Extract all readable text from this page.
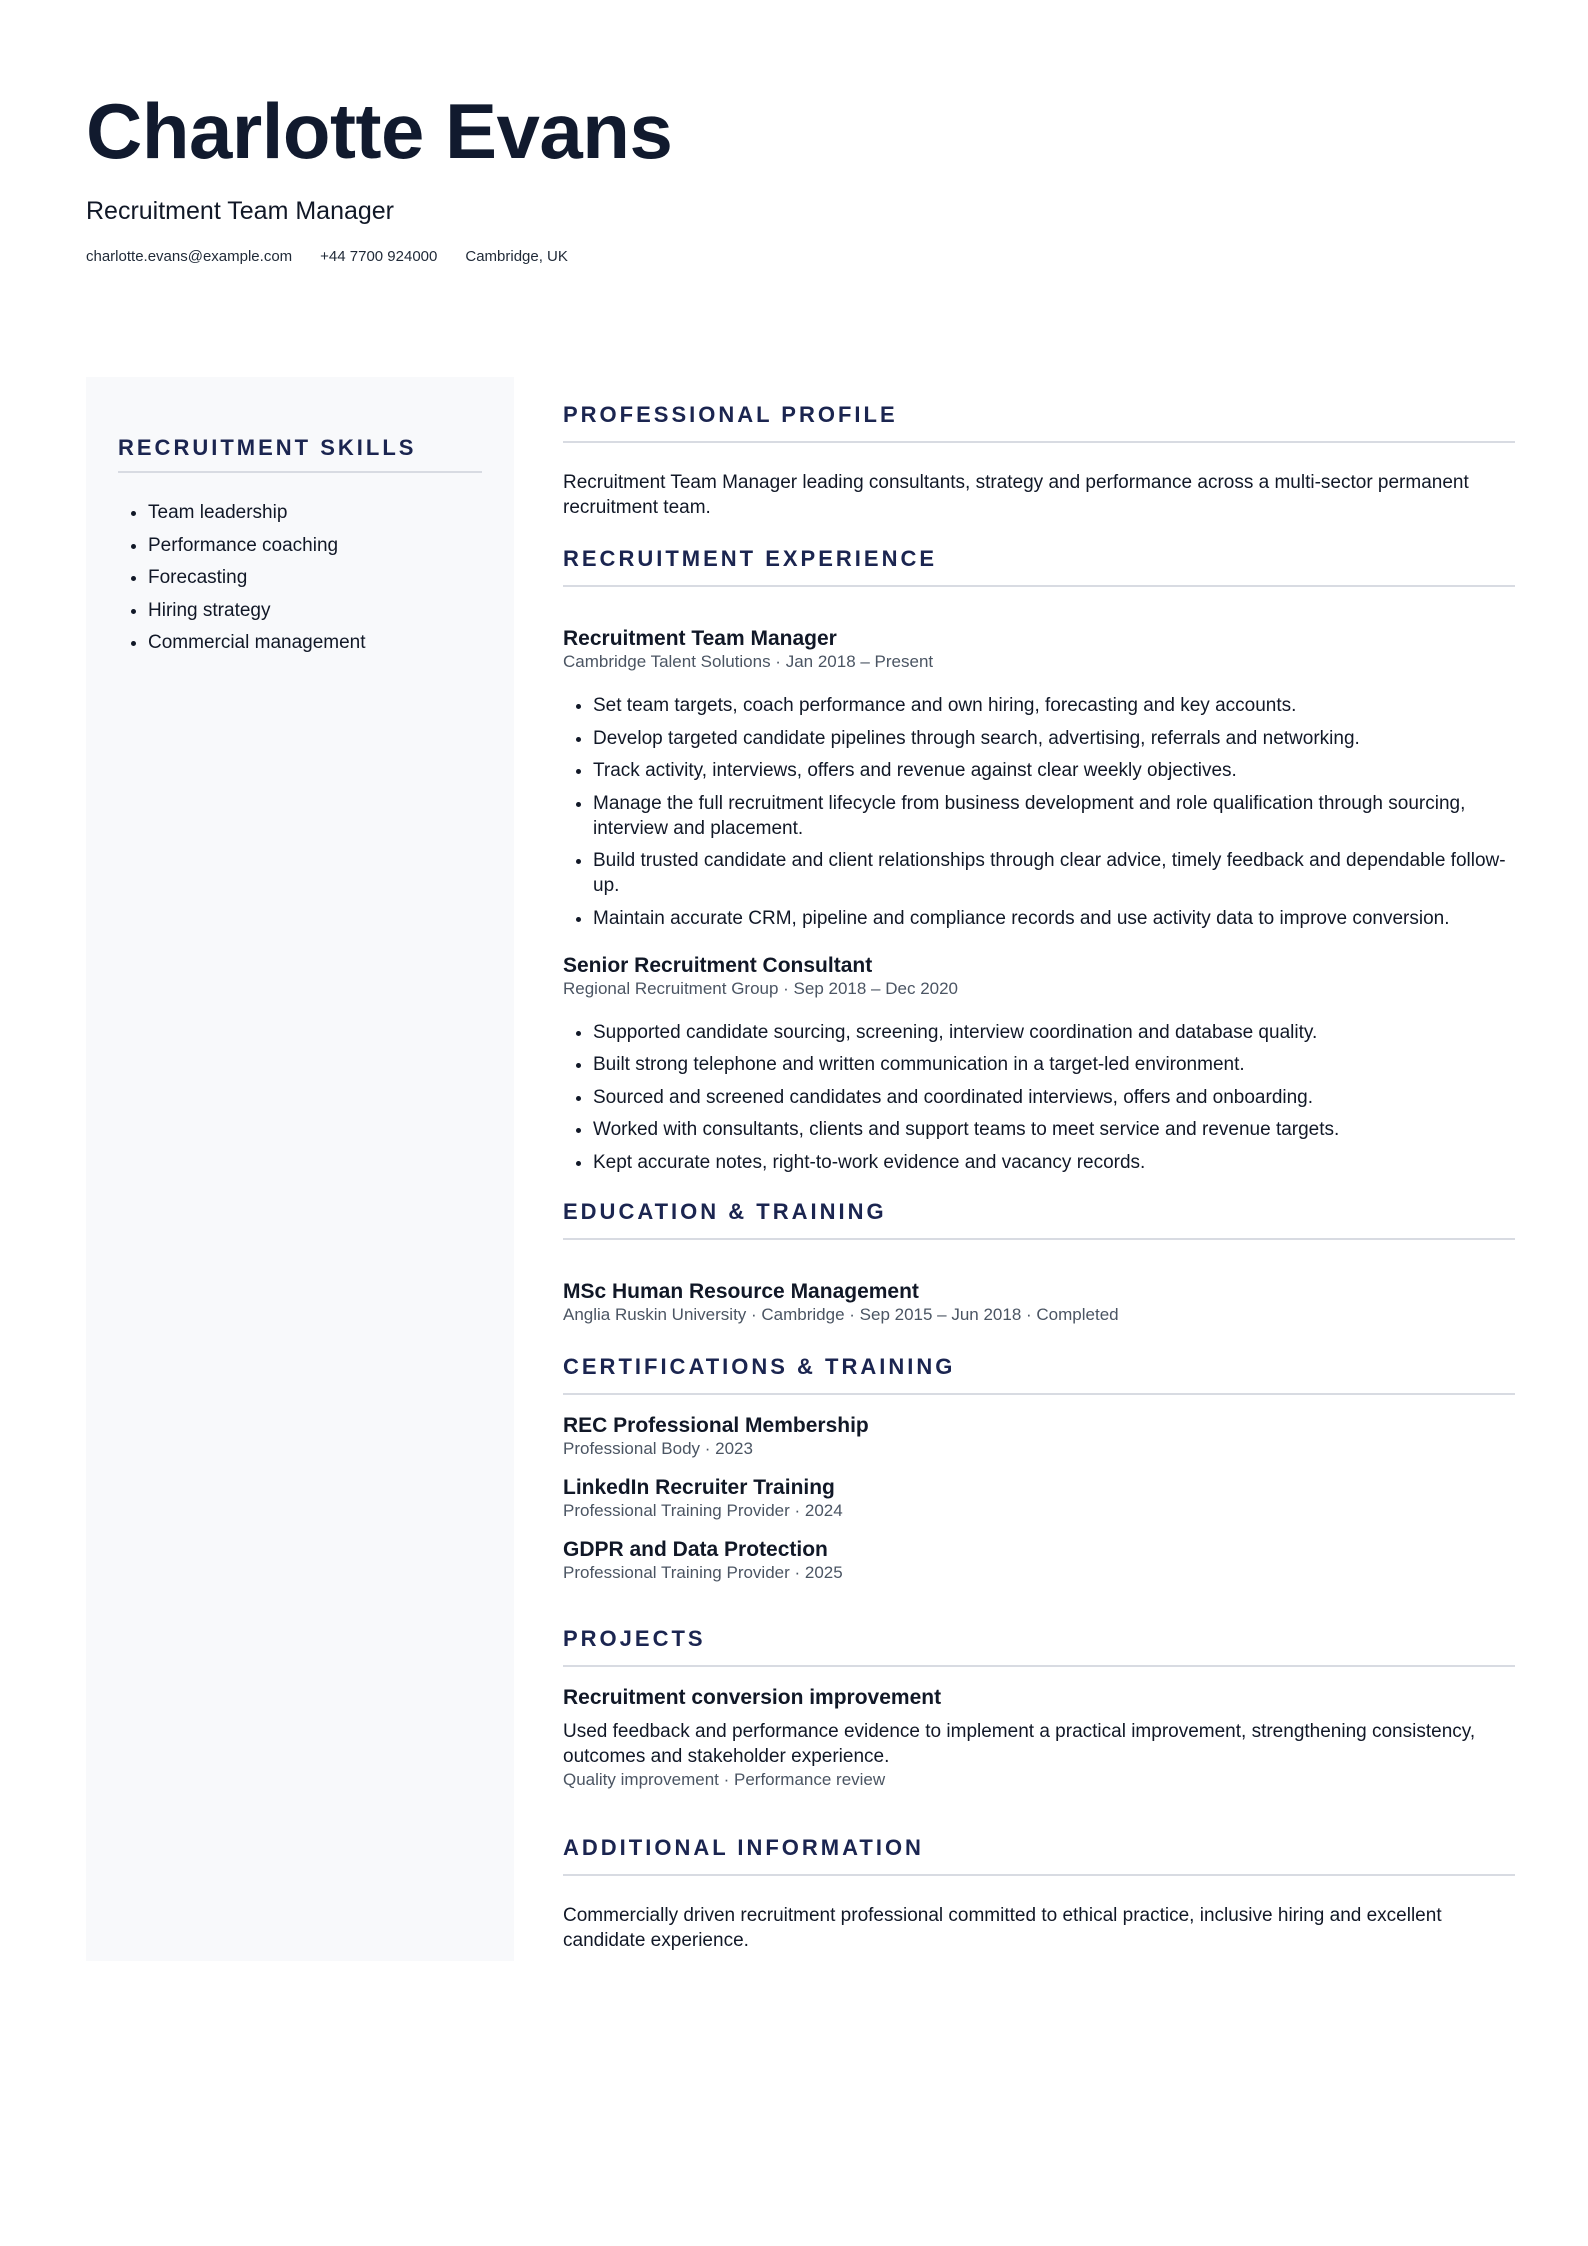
Charlotte Evans
Recruitment Team Manager
charlotte.evans@example.com +44 7700 924000 Cambridge, UK
RECRUITMENT SKILLS
• Team leadership
• Performance coaching
• Forecasting
• Hiring strategy
• Commercial management
PROFESSIONAL PROFILE

Recruitment Team Manager leading consultants, strategy and performance across a multi-sector permanent recruitment team.

RECRUITMENT EXPERIENCE

Recruitment Team Manager

Cambridge Talent Solutions · Jan 2018 – Present

• Set team targets, coach performance and own hiring, forecasting and key accounts.
• Develop targeted candidate pipelines through search, advertising, referrals and networking.
• Track activity, interviews, offers and revenue against clear weekly objectives.
• Manage the full recruitment lifecycle from business development and role qualification through sourcing, interview and placement.
• Build trusted candidate and client relationships through clear advice, timely feedback and dependable follow-up.
• Maintain accurate CRM, pipeline and compliance records and use activity data to improve conversion.

Senior Recruitment Consultant

Regional Recruitment Group · Sep 2018 – Dec 2020

• Supported candidate sourcing, screening, interview coordination and database quality.
• Built strong telephone and written communication in a target-led environment.
• Sourced and screened candidates and coordinated interviews, offers and onboarding.
• Worked with consultants, clients and support teams to meet service and revenue targets.
• Kept accurate notes, right-to-work evidence and vacancy records.
EDUCATION & TRAINING

MSc Human Resource Management

Anglia Ruskin University · Cambridge · Sep 2015 – Jun 2018 · Completed

CERTIFICATIONS & TRAINING

REC Professional Membership

Professional Body · 2023

LinkedIn Recruiter Training

Professional Training Provider · 2024

GDPR and Data Protection

Professional Training Provider · 2025

PROJECTS

Recruitment conversion improvement

Used feedback and performance evidence to implement a practical improvement, strengthening consistency, outcomes and stakeholder experience.

Quality improvement · Performance review

ADDITIONAL INFORMATION

Commercially driven recruitment professional committed to ethical practice, inclusive hiring and excellent candidate experience.
